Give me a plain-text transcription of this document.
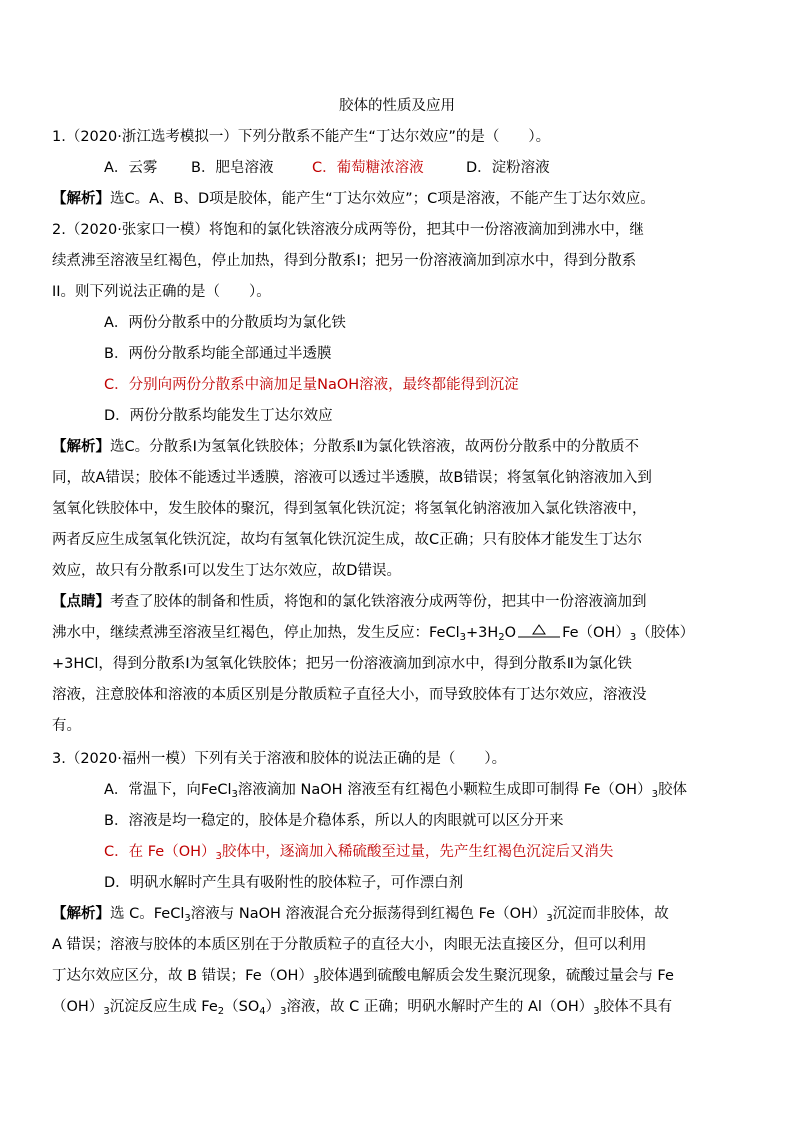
胶体的性质及应用
1.（2020·浙江选考模拟一）下列分散系不能产生“丁达尔效应”的是（　　）。
A．云雾 B．肥皂溶液	C．葡萄糖浓溶液	D．淀粉溶液
【解析】选C。A、B、D项是胶体，能产生“丁达尔效应”；C项是溶液，不能产生丁达尔效应。
2.（2020·张家口一模）将饱和的氯化铁溶液分成两等份，把其中一份溶液滴加到沸水中，继
续煮沸至溶液呈红褐色，停止加热，得到分散系I；把另一份溶液滴加到凉水中，得到分散系
II。则下列说法正确的是（　　）。
A．两份分散系中的分散质均为氯化铁
B．两份分散系均能全部通过半透膜
C．分别向两份分散系中滴加足量NaOH溶液，最终都能得到沉淀
D．两份分散系均能发生丁达尔效应
【解析】选C。分散系Ⅰ为氢氧化铁胶体；分散系Ⅱ为氯化铁溶液，故两份分散系中的分散质不
同，故A错误；胶体不能透过半透膜，溶液可以透过半透膜，故B错误；将氢氧化钠溶液加入到
氢氧化铁胶体中，发生胶体的聚沉，得到氢氧化铁沉淀；将氢氧化钠溶液加入氯化铁溶液中，
两者反应生成氢氧化铁沉淀，故均有氢氧化铁沉淀生成，故C正确；只有胶体才能发生丁达尔
效应，故只有分散系I可以发生丁达尔效应，故D错误。
【点睛】考查了胶体的制备和性质，将饱和的氯化铁溶液分成两等份，把其中一份溶液滴加到
沸水中，继续煮沸至溶液呈红褐色，停止加热，发生反应：$FeCl_3+3H_2O$	$Fe(OH)_3$（胶体）
+3HCl，得到分散系Ⅰ为氢氧化铁胶体；把另一份溶液滴加到凉水中，得到分散系Ⅱ为氯化铁
溶液，注意胶体和溶液的本质区别是分散质粒子直径大小，而导致胶体有丁达尔效应，溶液没
有。
3.（2020·福州一模）下列有关于溶液和胶体的说法正确的是（　　）。
A．常温下，向FeCl$_3$溶液滴加 NaOH 溶液至有红褐色小颗粒生成即可制得 $Fe(OH)_3$胶体
B．溶液是均一稳定的，胶体是介稳体系，所以人的肉眼就可以区分开来
C．在 $Fe(OH)_3$胶体中，逐滴加入稀硫酸至过量，先产生红褐色沉淀后又消失
D．明矾水解时产生具有吸附性的胶体粒子，可作漂白剂
【解析】选 C。FeCl$_3$溶液与 NaOH 溶液混合充分振荡得到红褐色 $Fe(OH)_3$沉淀而非胶体，故
A 错误；溶液与胶体的本质区别在于分散质粒子的直径大小，肉眼无法直接区分，但可以利用
丁达尔效应区分，故 B 错误；$Fe(OH)_3$胶体遇到硫酸电解质会发生聚沉现象，硫酸过量会与 Fe
$(OH)_3$沉淀反应生成 $Fe_2(SO_4)_3$溶液，故 C 正确；明矾水解时产生的 $Al(OH)_3$胶体不具有
